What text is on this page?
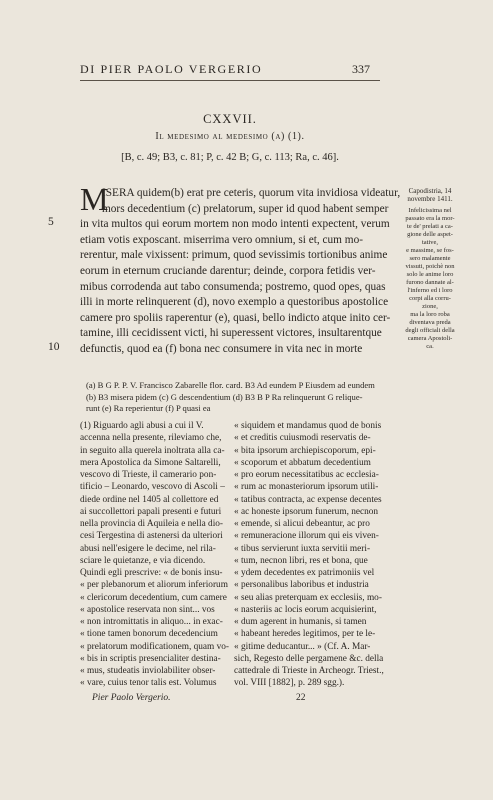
DI PIER PAOLO VERGERIO	337
CXXVII.
Il medesimo al medesimo (a) (1).
[B, c. 49; B3, c. 81; P, c. 42 B; G, c. 113; Ra, c. 46].
Capodistria, 14 novembre 1411.
Infelicissima nel
passato era la mor-
te de' prelati a ca-
gione delle aspet-
tative,
e massime, se fos-
sero malamente
vissuti, poichè non
solo le anime loro
furono dannate al-
l'inferno ed i loro
corpi alla corru-
zione,
ma la loro roba
diventava preda
degli officiali della
camera Apostoli-
ca.
5
10
M
ISERA quidem(b) erat pre ceteris, quorum vita invidiosa videatur,
mors decedentium (c) prelatorum, super id quod habent semper
in vita multos qui eorum mortem non modo intenti expectent, verum
etiam votis exposcant. miserrima vero omnium, si et, cum mo-
rerentur, male vixissent: primum, quod sevissimis tortionibus anime
eorum in eternum cruciande darentur; deinde, corpora fetidis ver-
mibus corrodenda aut tabo consumenda; postremo, quod opes, quas
illi in morte relinquerent (d), novo exemplo a questoribus apostolice
camere pro spoliis raperentur (e), quasi, bello indicto atque inito cer-
tamine, illi cecidissent victi, hi superessent victores, insultarentque
defunctis, quod ea (f) bona nec consumere in vita nec in morte
(a) B G P. P. V. Francisco Zabarelle flor. card. B3 Ad eundem P Eiusdem ad eundem
(b) B3 misera pidem (c) G descendentium (d) B3 B P Ra relinquerunt G relique-
runt (e) Ra reperientur (f) P quasi ea
(1) Riguardo agli abusi a cui il V.
accenna nella presente, rileviamo che,
in seguito alla querela inoltrata alla ca-
mera Apostolica da Simone Saltarelli,
vescovo di Trieste, il camerario pon-
tificio – Leonardo, vescovo di Ascoli –
diede ordine nel 1405 al collettore ed
ai succollettori papali presenti e futuri
nella provincia di Aquileia e nella dio-
cesi Tergestina di astenersi da ulteriori
abusi nell'esigere le decime, nel rila-
sciare le quietanze, e via dicendo.
Quindi egli prescrive: « de bonis insu-
« per plebanorum et aliorum inferiorum
« clericorum decedentium, cum camere
« apostolice reservata non sint... vos
« non intromittatis in aliquo... in exac-
« tione tamen bonorum decedencium
« prelatorum modificationem, quam vo-
« bis in scriptis presencialiter destina-
« mus, studeatis inviolabiliter obser-
« vare, cuius tenor talis est. Volumus
« siquidem et mandamus quod de bonis
« et creditis cuiusmodi reservatis de-
« bita ipsorum archiepiscoporum, epi-
« scoporum et abbatum decedentium
« pro eorum necessitatibus ac ecclesia-
« rum ac monasteriorum ipsorum utili-
« tatibus contracta, ac expense decentes
« ac honeste ipsorum funerum, necnon
« emende, si alicui debeantur, ac pro
« remuneracione illorum qui eis viven-
« tibus servierunt iuxta servitii meri-
« tum, necnon libri, res et bona, que
« ydem decedentes ex patrimoniis vel
« personalibus laboribus et industria
« seu alias preterquam ex ecclesiis, mo-
« nasteriis ac locis eorum acquisierint,
« dum agerent in humanis, si tamen
« habeant heredes legitimos, per te le-
« gitime deducantur... » (Cf. A. Mar-
sich, Regesto delle pergamene &c. della
cattedrale di Trieste in Archeogr. Triest.,
vol. VIII [1882], p. 289 sgg.).
Pier Paolo Vergerio.	22
